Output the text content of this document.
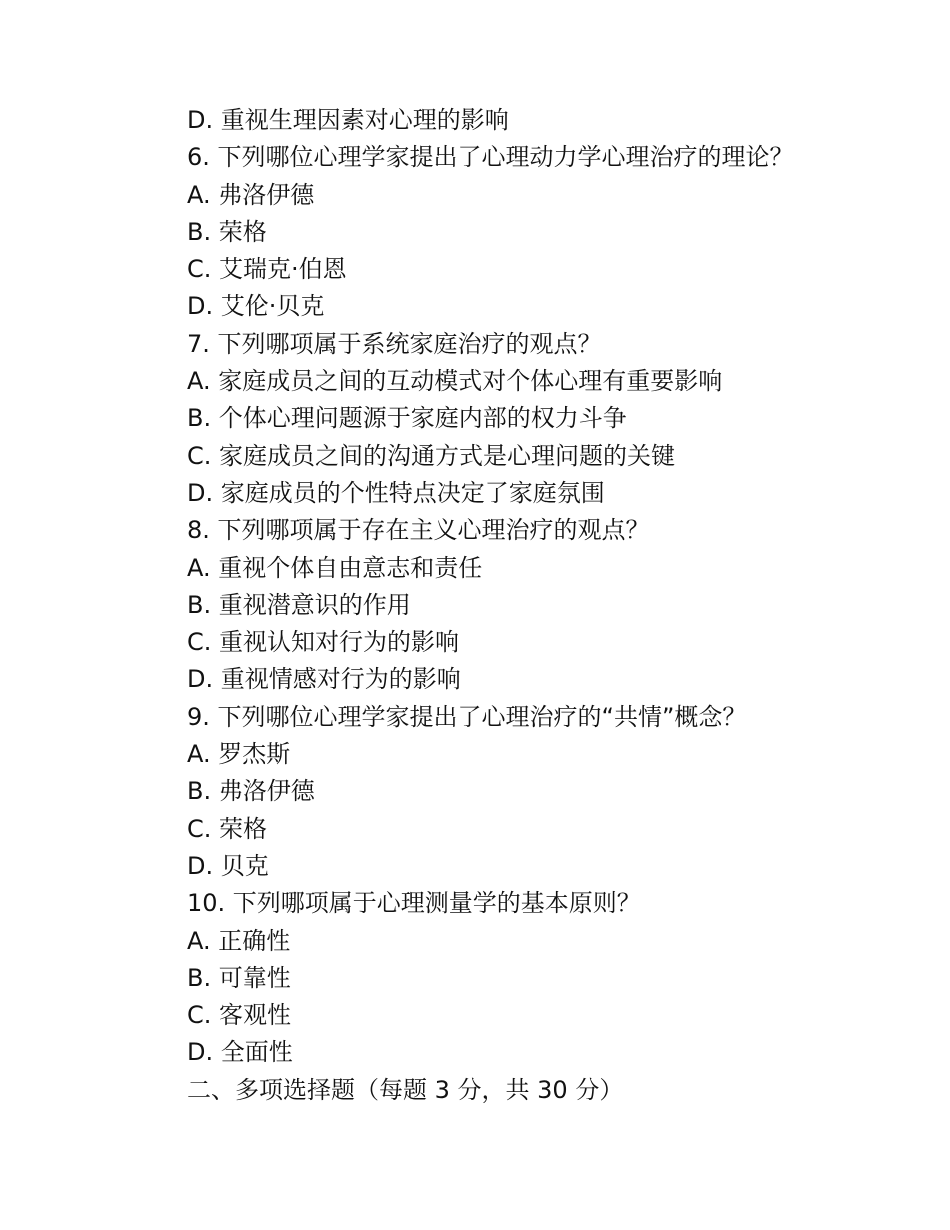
D. 重视生理因素对心理的影响
6. 下列哪位心理学家提出了心理动力学心理治疗的理论？
A. 弗洛伊德
B. 荣格
C. 艾瑞克·伯恩
D. 艾伦·贝克
7. 下列哪项属于系统家庭治疗的观点？
A. 家庭成员之间的互动模式对个体心理有重要影响
B. 个体心理问题源于家庭内部的权力斗争
C. 家庭成员之间的沟通方式是心理问题的关键
D. 家庭成员的个性特点决定了家庭氛围
8. 下列哪项属于存在主义心理治疗的观点？
A. 重视个体自由意志和责任
B. 重视潜意识的作用
C. 重视认知对行为的影响
D. 重视情感对行为的影响
9. 下列哪位心理学家提出了心理治疗的“共情”概念？
A. 罗杰斯
B. 弗洛伊德
C. 荣格
D. 贝克
10. 下列哪项属于心理测量学的基本原则？
A. 正确性
B. 可靠性
C. 客观性
D. 全面性
二、多项选择题（每题 3 分，共 30 分）
